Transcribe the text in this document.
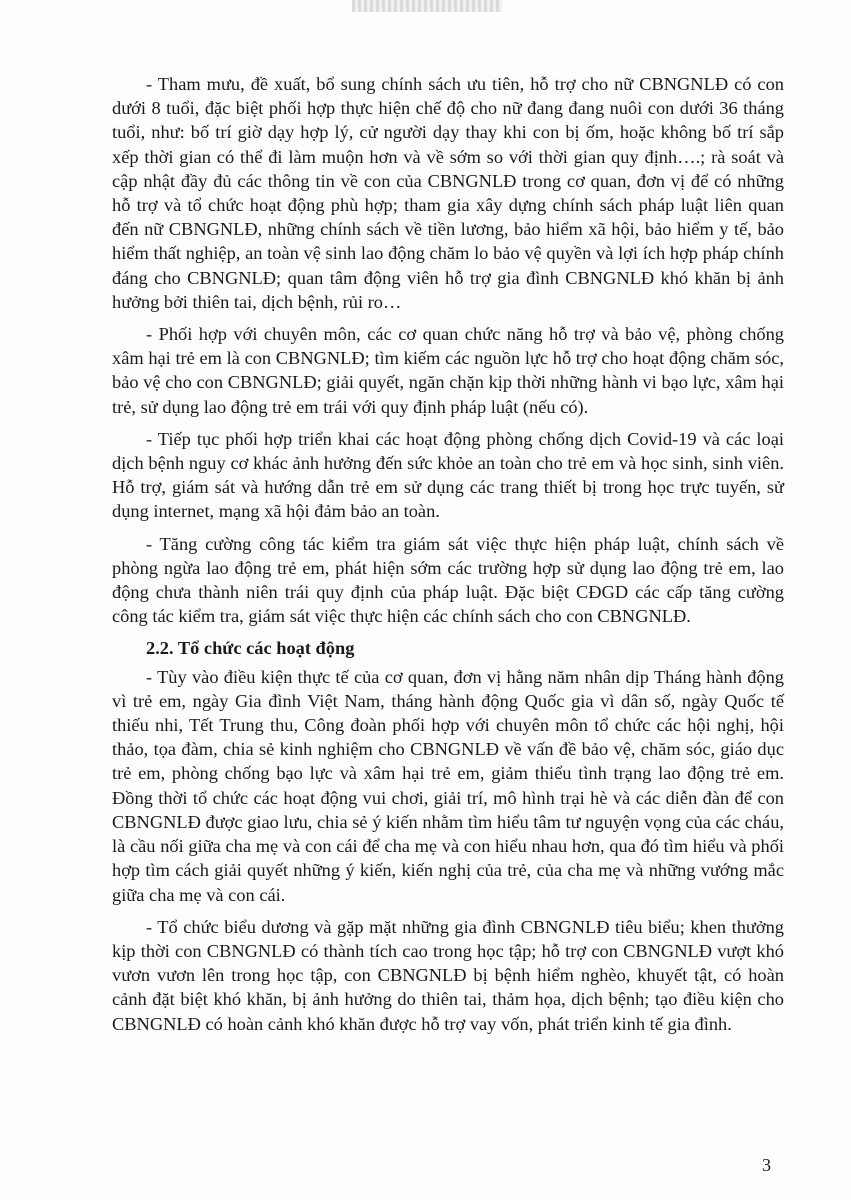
- Tham mưu, đề xuất, bổ sung chính sách ưu tiên, hỗ trợ cho nữ CBNGNLĐ có con dưới 8 tuổi, đặc biệt phối hợp thực hiện chế độ cho nữ đang đang nuôi con dưới 36 tháng tuổi, như: bố trí giờ dạy hợp lý, cử người dạy thay khi con bị ốm, hoặc không bố trí sắp xếp thời gian có thể đi làm muộn hơn và về sớm so với thời gian quy định….; rà soát và cập nhật đầy đủ các thông tin về con của CBNGNLĐ trong cơ quan, đơn vị để có những hỗ trợ và tổ chức hoạt động phù hợp; tham gia xây dựng chính sách pháp luật liên quan đến nữ CBNGNLĐ, những chính sách về tiền lương, bảo hiểm xã hội, bảo hiểm y tế, bảo hiểm thất nghiệp, an toàn vệ sinh lao động chăm lo bảo vệ quyền và lợi ích hợp pháp chính đáng cho CBNGNLĐ; quan tâm động viên hỗ trợ gia đình CBNGNLĐ khó khăn bị ảnh hưởng bởi thiên tai, dịch bệnh, rủi ro…

- Phối hợp với chuyên môn, các cơ quan chức năng hỗ trợ và bảo vệ, phòng chống xâm hại trẻ em là con CBNGNLĐ; tìm kiếm các nguồn lực hỗ trợ cho hoạt động chăm sóc, bảo vệ cho con CBNGNLĐ; giải quyết, ngăn chặn kịp thời những hành vi bạo lực, xâm hại trẻ, sử dụng lao động trẻ em trái với quy định pháp luật (nếu có).

- Tiếp tục phối hợp triển khai các hoạt động phòng chống dịch Covid-19 và các loại dịch bệnh nguy cơ khác ảnh hưởng đến sức khỏe an toàn cho trẻ em và học sinh, sinh viên. Hỗ trợ, giám sát và hướng dẫn trẻ em sử dụng các trang thiết bị trong học trực tuyến, sử dụng internet, mạng xã hội đảm bảo an toàn.

- Tăng cường công tác kiểm tra giám sát việc thực hiện pháp luật, chính sách về phòng ngừa lao động trẻ em, phát hiện sớm các trường hợp sử dụng lao động trẻ em, lao động chưa thành niên trái quy định của pháp luật. Đặc biệt CĐGD các cấp tăng cường công tác kiểm tra, giám sát việc thực hiện các chính sách cho con CBNGNLĐ.

2.2. Tổ chức các hoạt động

- Tùy vào điều kiện thực tế của cơ quan, đơn vị hằng năm nhân dịp Tháng hành động vì trẻ em, ngày Gia đình Việt Nam, tháng hành động Quốc gia vì dân số, ngày Quốc tế thiếu nhi, Tết Trung thu, Công đoàn phối hợp với chuyên môn tổ chức các hội nghị, hội thảo, tọa đàm, chia sẻ kinh nghiệm cho CBNGNLĐ về vấn đề bảo vệ, chăm sóc, giáo dục trẻ em, phòng chống bạo lực và xâm hại trẻ em, giảm thiểu tình trạng lao động trẻ em. Đồng thời tổ chức các hoạt động vui chơi, giải trí, mô hình trại hè và các diễn đàn để con CBNGNLĐ được giao lưu, chia sẻ ý kiến nhằm tìm hiểu tâm tư nguyện vọng của các cháu, là cầu nối giữa cha mẹ và con cái để cha mẹ và con hiểu nhau hơn, qua đó tìm hiểu và phối hợp tìm cách giải quyết những ý kiến, kiến nghị của trẻ, của cha mẹ và những vướng mắc giữa cha mẹ và con cái.

- Tổ chức biểu dương và gặp mặt những gia đình CBNGNLĐ tiêu biểu; khen thưởng kịp thời con CBNGNLĐ có thành tích cao trong học tập; hỗ trợ con CBNGNLĐ vượt khó vươn vươn lên trong học tập, con CBNGNLĐ bị bệnh hiểm nghèo, khuyết tật, có hoàn cảnh đặt biệt khó khăn, bị ảnh hưởng do thiên tai, thảm họa, dịch bệnh; tạo điều kiện cho CBNGNLĐ có hoàn cảnh khó khăn được hỗ trợ vay vốn, phát triển kinh tế gia đình.

3
